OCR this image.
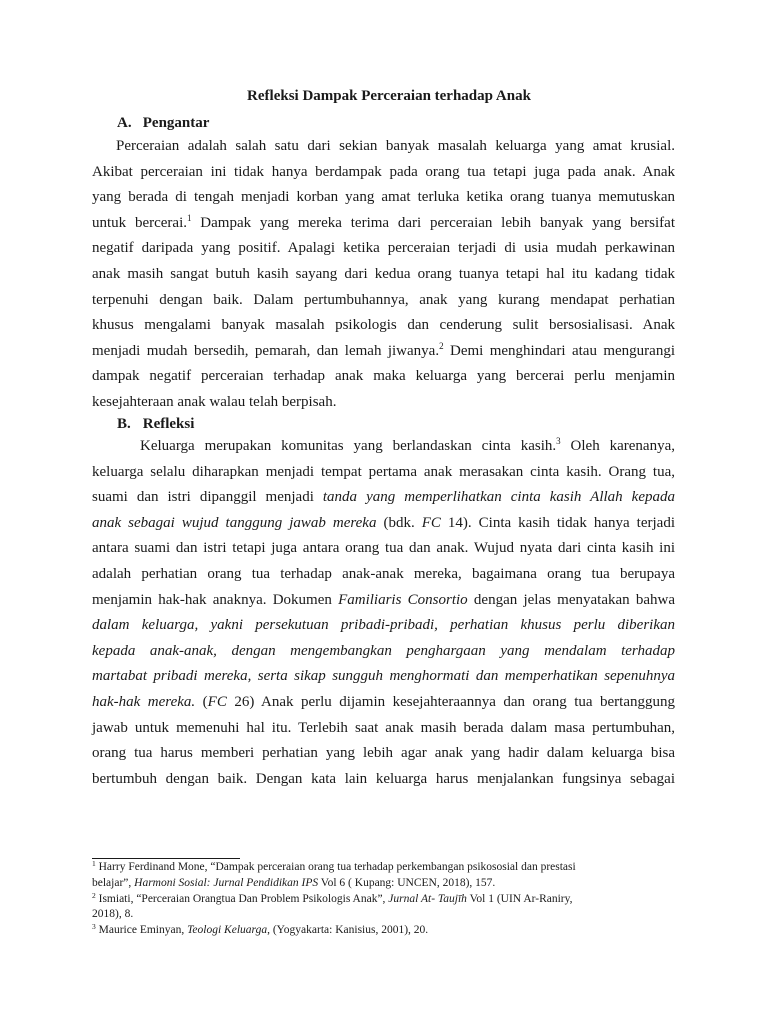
Refleksi Dampak Perceraian terhadap Anak
A. Pengantar
Perceraian adalah salah satu dari sekian banyak masalah keluarga yang amat krusial.
Akibat perceraian ini tidak hanya berdampak pada orang tua tetapi juga pada anak. Anak
yang berada di tengah menjadi korban yang amat terluka ketika orang tuanya memutuskan
untuk bercerai.$^1$ Dampak yang mereka terima dari perceraian lebih banyak yang bersifat
negatif daripada yang positif. Apalagi ketika perceraian terjadi di usia mudah perkawinan
anak masih sangat butuh kasih sayang dari kedua orang tuanya tetapi hal itu kadang tidak
terpenuhi dengan baik. Dalam pertumbuhannya, anak yang kurang mendapat perhatian
khusus mengalami banyak masalah psikologis dan cenderung sulit bersosialisasi. Anak
menjadi mudah bersedih, pemarah, dan lemah jiwanya.$^2$ Demi menghindari atau mengurangi
dampak negatif perceraian terhadap anak maka keluarga yang bercerai perlu menjamin
kesejahteraan anak walau telah berpisah.
B. Refleksi
Keluarga merupakan komunitas yang berlandaskan cinta kasih.$^3$ Oleh karenanya,
keluarga selalu diharapkan menjadi tempat pertama anak merasakan cinta kasih. Orang tua,
suami dan istri dipanggil menjadi tanda yang memperlihatkan cinta kasih Allah kepada
anak sebagai wujud tanggung jawab mereka (bdk. FC 14). Cinta kasih tidak hanya terjadi
antara suami dan istri tetapi juga antara orang tua dan anak. Wujud nyata dari cinta kasih ini
adalah perhatian orang tua terhadap anak-anak mereka, bagaimana orang tua berupaya
menjamin hak-hak anaknya. Dokumen Familiaris Consortio dengan jelas menyatakan bahwa
dalam keluarga, yakni persekutuan pribadi-pribadi, perhatian khusus perlu diberikan
kepada anak-anak, dengan mengembangkan penghargaan yang mendalam terhadap
martabat pribadi mereka, serta sikap sungguh menghormati dan memperhatikan sepenuhnya
hak-hak mereka. (FC 26) Anak perlu dijamin kesejahteraannya dan orang tua bertanggung
jawab untuk memenuhi hal itu. Terlebih saat anak masih berada dalam masa pertumbuhan,
orang tua harus memberi perhatian yang lebih agar anak yang hadir dalam keluarga bisa
bertumbuh dengan baik. Dengan kata lain keluarga harus menjalankan fungsinya sebagai
$^1$ Harry Ferdinand Mone, “Dampak perceraian orang tua terhadap perkembangan psikososial dan prestasi
belajar”, Harmoni Sosial: Jurnal Pendidikan IPS Vol 6 ( Kupang: UNCEN, 2018), 157.
$^2$ Ismiati, “Perceraian Orangtua Dan Problem Psikologis Anak”, Jurnal At- Taujīh Vol 1 (UIN Ar-Raniry,
2018), 8.
$^3$ Maurice Eminyan, Teologi Keluarga, (Yogyakarta: Kanisius, 2001), 20.
